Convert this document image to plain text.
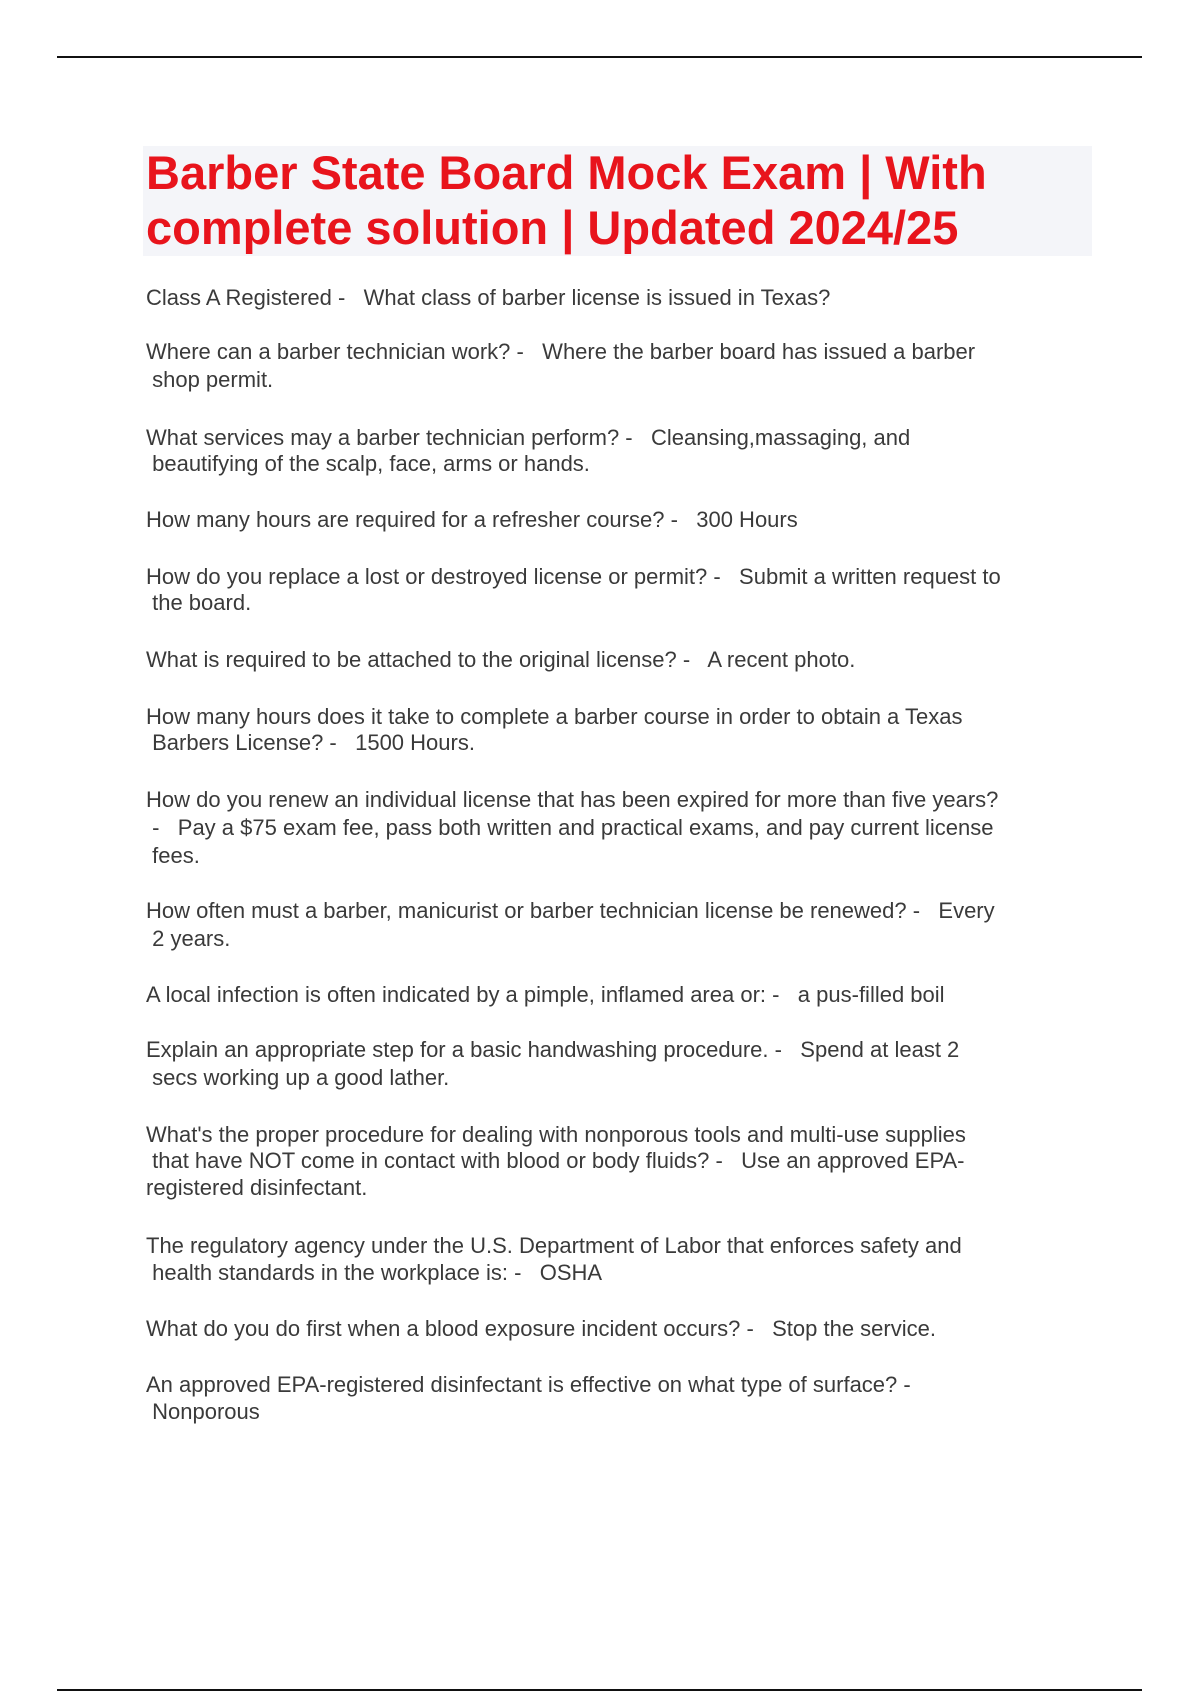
Barber State Board Mock Exam | With
complete solution | Updated 2024/25

Class A Registered -   What class of barber license is issued in Texas?

Where can a barber technician work? -   Where the barber board has issued a barber

shop permit.

What services may a barber technician perform? -   Cleansing,massaging, and

beautifying of the scalp, face, arms or hands.

How many hours are required for a refresher course? -   300 Hours

How do you replace a lost or destroyed license or permit? -   Submit a written request to

the board.

What is required to be attached to the original license? -   A recent photo.

How many hours does it take to complete a barber course in order to obtain a Texas

Barbers License? -   1500 Hours.

How do you renew an individual license that has been expired for more than five years?

-   Pay a $75 exam fee, pass both written and practical exams, and pay current license

fees.

How often must a barber, manicurist or barber technician license be renewed? -   Every

2 years.

A local infection is often indicated by a pimple, inflamed area or: -   a pus-filled boil

Explain an appropriate step for a basic handwashing procedure. -   Spend at least 2

secs working up a good lather.

What's the proper procedure for dealing with nonporous tools and multi-use supplies

that have NOT come in contact with blood or body fluids? -   Use an approved EPA-

registered disinfectant.

The regulatory agency under the U.S. Department of Labor that enforces safety and

health standards in the workplace is: -   OSHA

What do you do first when a blood exposure incident occurs? -   Stop the service.

An approved EPA-registered disinfectant is effective on what type of surface? -

Nonporous
